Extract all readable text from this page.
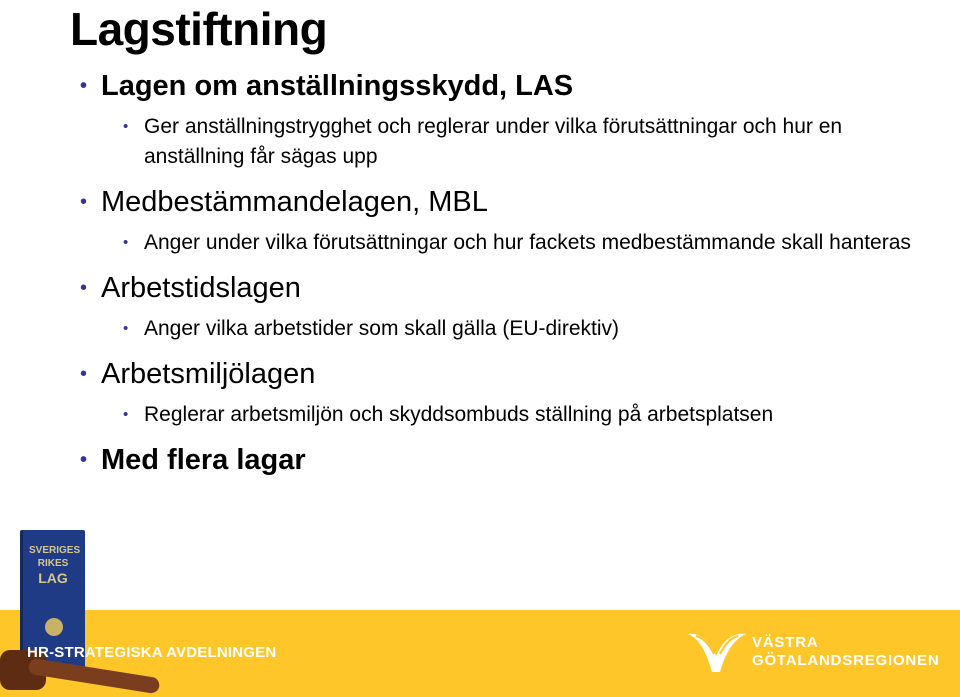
Lagstiftning
• Lagen om anställningsskydd, LAS
• Ger anställningstrygghet och reglerar under vilka förutsättningar och hur en anställning får sägas upp
• Medbestämmandelagen, MBL
• Anger under vilka förutsättningar och hur fackets medbestämmande skall hanteras
• Arbetstidslagen
• Anger vilka arbetstider som skall gälla (EU-direktiv)
• Arbetsmiljölagen
• Reglerar arbetsmiljön och skyddsombuds ställning på arbetsplatsen
• Med flera lagar
SVERIGES
RIKES
LAG
HR-STRATEGISKA AVDELNINGEN
VÄSTRA
GÖTALANDSREGIONEN
